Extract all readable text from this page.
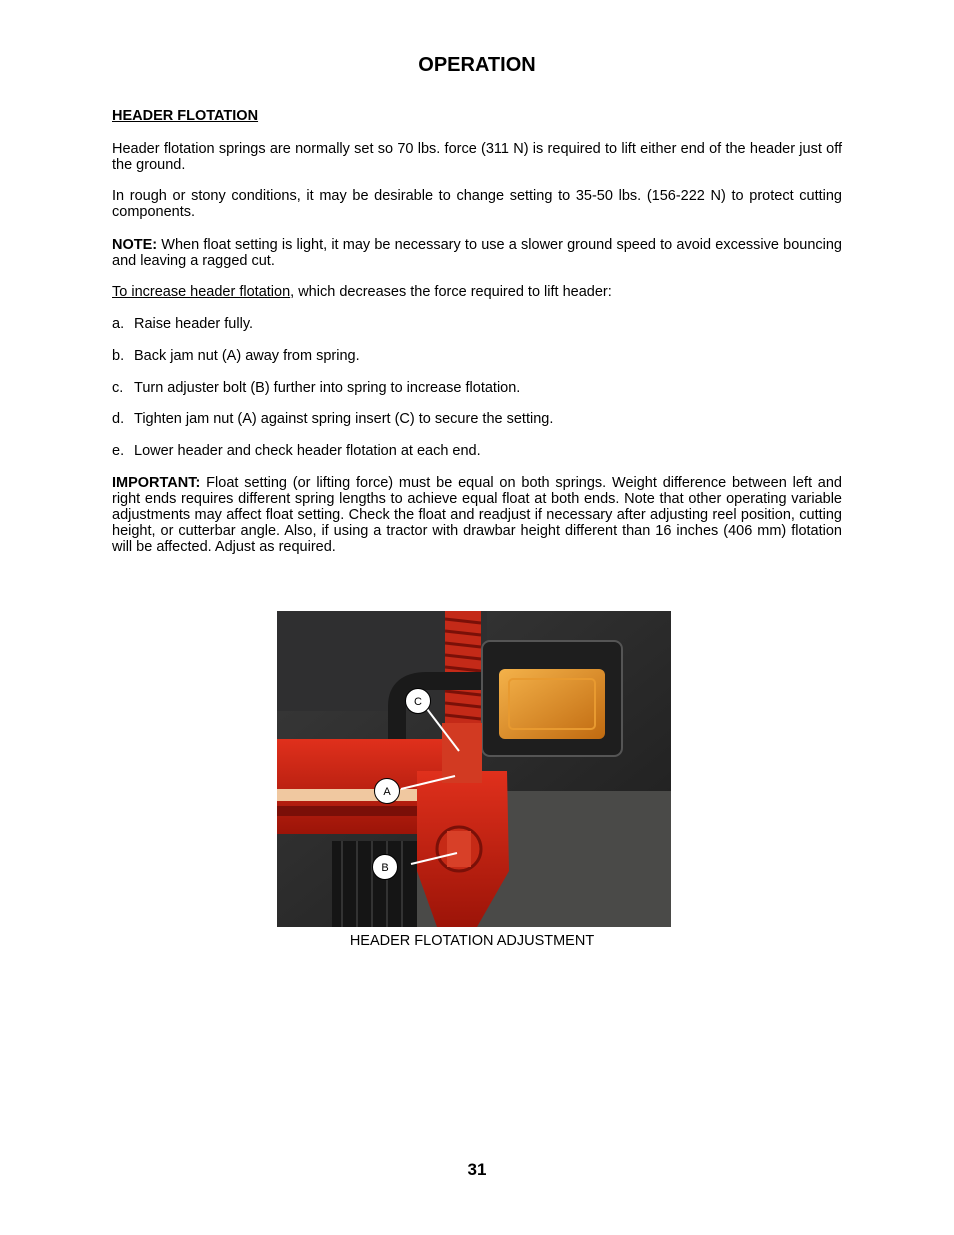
OPERATION
HEADER FLOTATION

Header flotation springs are normally set so 70 lbs. force (311 N) is required to lift either end of the header just off the ground.

In rough or stony conditions, it may be desirable to change setting to 35-50 lbs. (156-222 N) to protect cutting components.

NOTE: When float setting is light, it may be necessary to use a slower ground speed to avoid excessive bouncing and leaving a ragged cut.

To increase header flotation, which decreases the force required to lift header:

a. Raise header fully.

b. Back jam nut (A) away from spring.

c. Turn adjuster bolt (B) further into spring to increase flotation.

d. Tighten jam nut (A) against spring insert (C) to secure the setting.

e. Lower header and check header flotation at each end.

IMPORTANT: Float setting (or lifting force) must be equal on both springs. Weight difference between left and right ends requires different spring lengths to achieve equal float at both ends. Note that other operating variable adjustments may affect float setting. Check the float and readjust if necessary after adjusting reel position, cutting height, or cutterbar angle. Also, if using a tractor with drawbar height different than 16 inches (406 mm) flotation will be affected. Adjust as required.

C
A
B

HEADER FLOTATION ADJUSTMENT

31
